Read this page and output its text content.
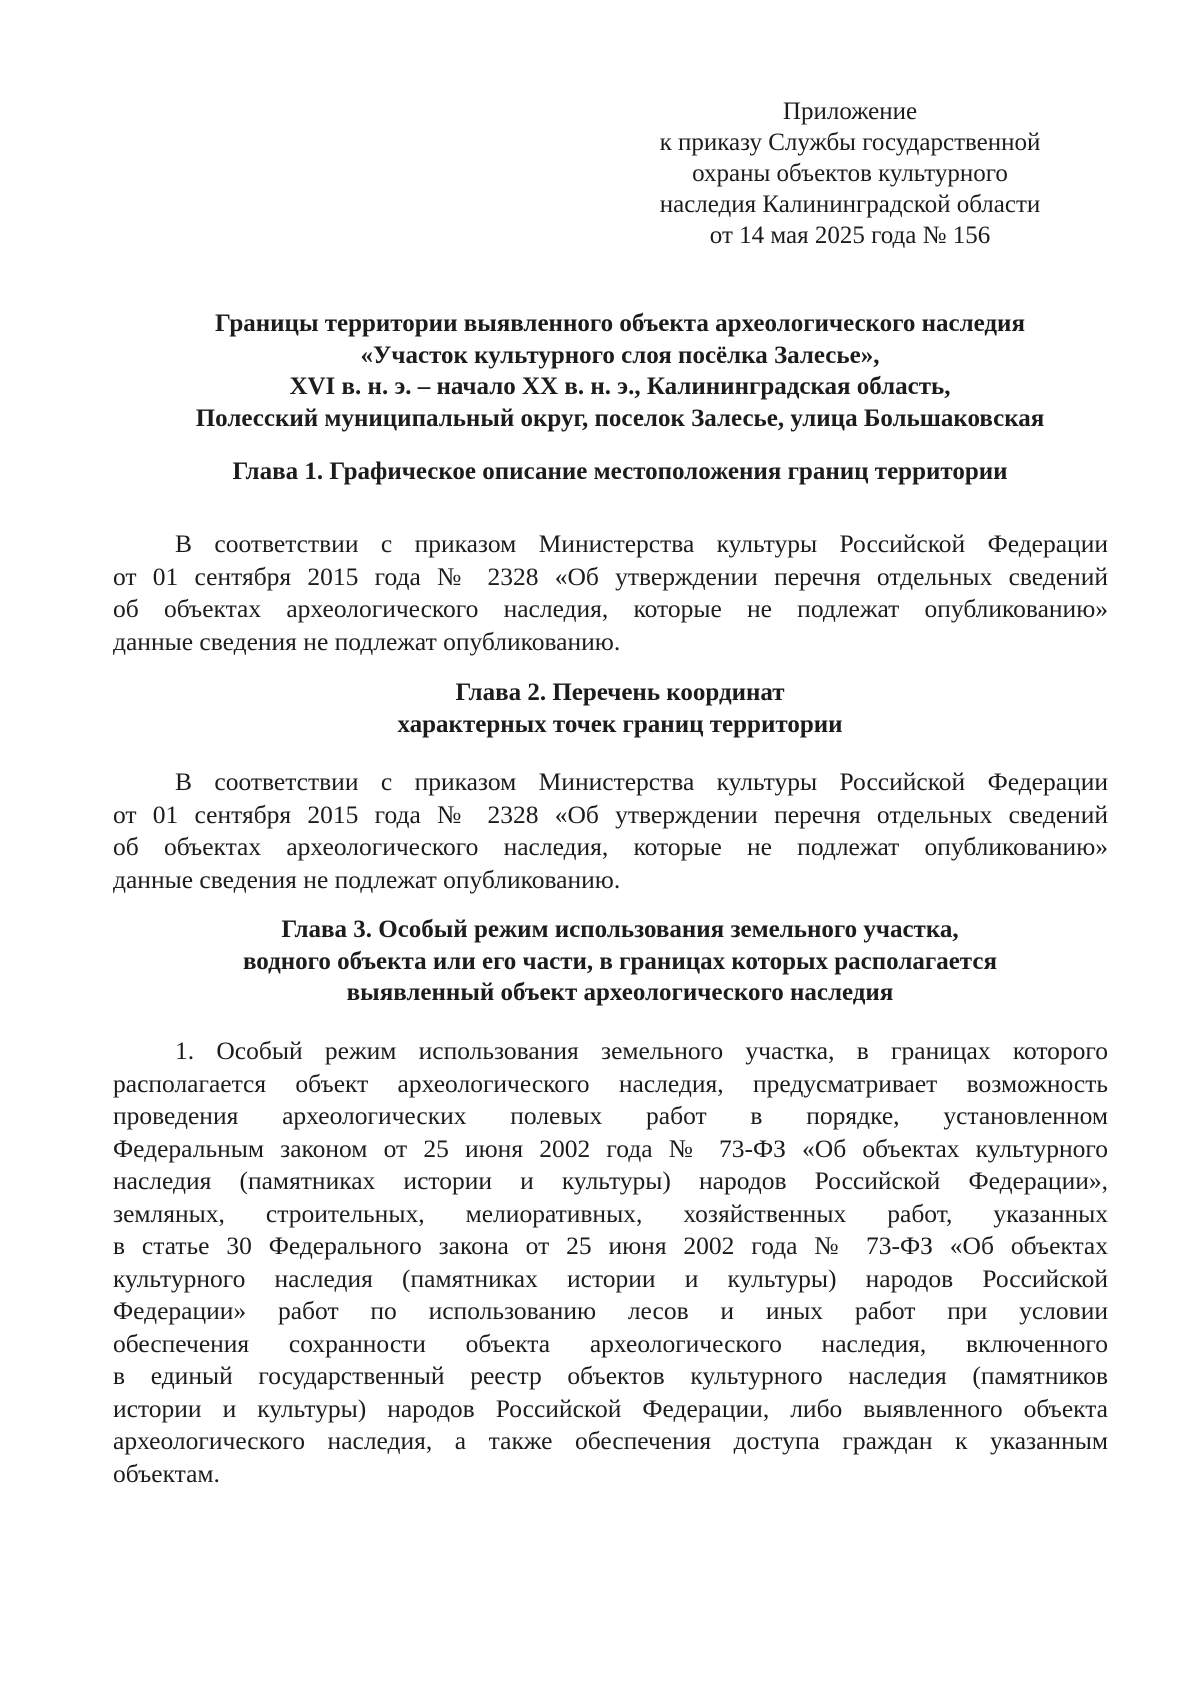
Приложение
к приказу Службы государственной
охраны объектов культурного
наследия Калининградской области
от 14 мая 2025 года № 156
Границы территории выявленного объекта археологического наследия
«Участок культурного слоя посёлка Залесье»,
XVI в. н. э. – начало XX в. н. э., Калининградская область,
Полесский муниципальный округ, поселок Залесье, улица Большаковская
Глава 1. Графическое описание местоположения границ территории
В соответствии с приказом Министерства культуры Российской Федерации
от 01 сентября 2015 года № 2328 «Об утверждении перечня отдельных сведений
об объектах археологического наследия, которые не подлежат опубликованию»
данные сведения не подлежат опубликованию.
Глава 2. Перечень координат
характерных точек границ территории
В соответствии с приказом Министерства культуры Российской Федерации
от 01 сентября 2015 года № 2328 «Об утверждении перечня отдельных сведений
об объектах археологического наследия, которые не подлежат опубликованию»
данные сведения не подлежат опубликованию.
Глава 3. Особый режим использования земельного участка,
водного объекта или его части, в границах которых располагается
выявленный объект археологического наследия
1. Особый режим использования земельного участка, в границах которого
располагается объект археологического наследия, предусматривает возможность
проведения археологических полевых работ в порядке, установленном
Федеральным законом от 25 июня 2002 года № 73-ФЗ «Об объектах культурного
наследия (памятниках истории и культуры) народов Российской Федерации»,
земляных, строительных, мелиоративных, хозяйственных работ, указанных
в статье 30 Федерального закона от 25 июня 2002 года № 73-ФЗ «Об объектах
культурного наследия (памятниках истории и культуры) народов Российской
Федерации» работ по использованию лесов и иных работ при условии
обеспечения сохранности объекта археологического наследия, включенного
в единый государственный реестр объектов культурного наследия (памятников
истории и культуры) народов Российской Федерации, либо выявленного объекта
археологического наследия, а также обеспечения доступа граждан к указанным
объектам.
